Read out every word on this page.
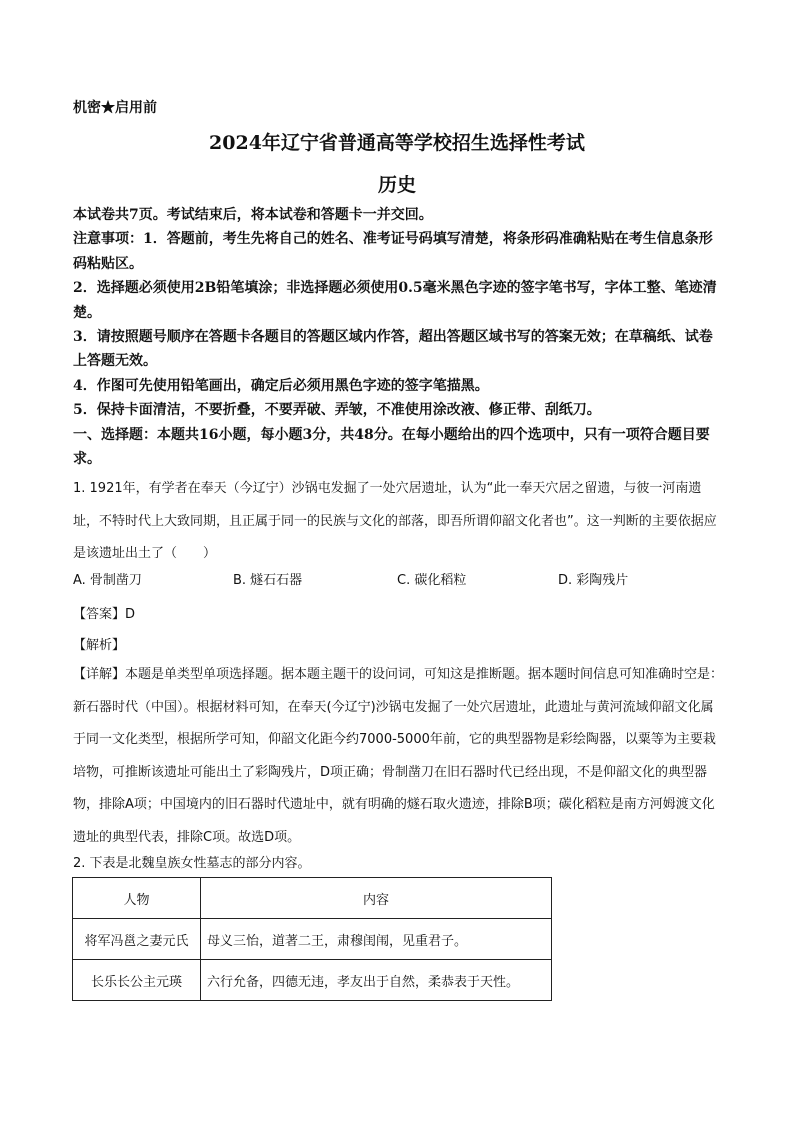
机密★启用前
2024年辽宁省普通高等学校招生选择性考试
历史

本试卷共7页。考试结束后，将本试卷和答题卡一并交回。

注意事项：1．答题前，考生先将自己的姓名、准考证号码填写清楚，将条形码准确粘贴在考生信息条形码粘贴区。

2．选择题必须使用2B铅笔填涂；非选择题必须使用0.5毫米黑色字迹的签字笔书写，字体工整、笔迹清楚。

3．请按照题号顺序在答题卡各题目的答题区域内作答，超出答题区域书写的答案无效；在草稿纸、试卷上答题无效。

4．作图可先使用铅笔画出，确定后必须用黑色字迹的签字笔描黑。

5．保持卡面清洁，不要折叠，不要弄破、弄皱，不准使用涂改液、修正带、刮纸刀。

一、选择题：本题共16小题，每小题3分，共48分。在每小题给出的四个选项中，只有一项符合题目要求。

1. 1921年，有学者在奉天（今辽宁）沙锅屯发掘了一处穴居遗址，认为“此一奉天穴居之留遗，与彼一河南遗址，不特时代上大致同期，且正属于同一的民族与文化的部落，即吾所谓仰韶文化者也”。这一判断的主要依据应是该遗址出土了（　　）

A. 骨制凿刀	B. 燧石石器	C. 碳化稻粒	D. 彩陶残片
【答案】D
【解析】

【详解】本题是单类型单项选择题。据本题主题干的设问词，可知这是推断题。据本题时间信息可知准确时空是：新石器时代（中国）。根据材料可知，在奉天(今辽宁)沙锅屯发掘了一处穴居遗址，此遗址与黄河流域仰韶文化属于同一文化类型，根据所学可知，仰韶文化距今约7000-5000年前，它的典型器物是彩绘陶器，以粟等为主要栽培物，可推断该遗址可能出土了彩陶残片，D项正确；骨制凿刀在旧石器时代已经出现，不是仰韶文化的典型器物，排除A项；中国境内的旧石器时代遗址中，就有明确的燧石取火遗迹，排除B项；碳化稻粒是南方河姆渡文化遗址的典型代表，排除C项。故选D项。

2. 下表是北魏皇族女性墓志的部分内容。
人物	内容
将军冯邕之妻元氏	母义三怡，道著二王，肃穆闺闱，见重君子。
长乐长公主元瑛	六行允备，四德无违，孝友出于自然，柔恭表于天性。
